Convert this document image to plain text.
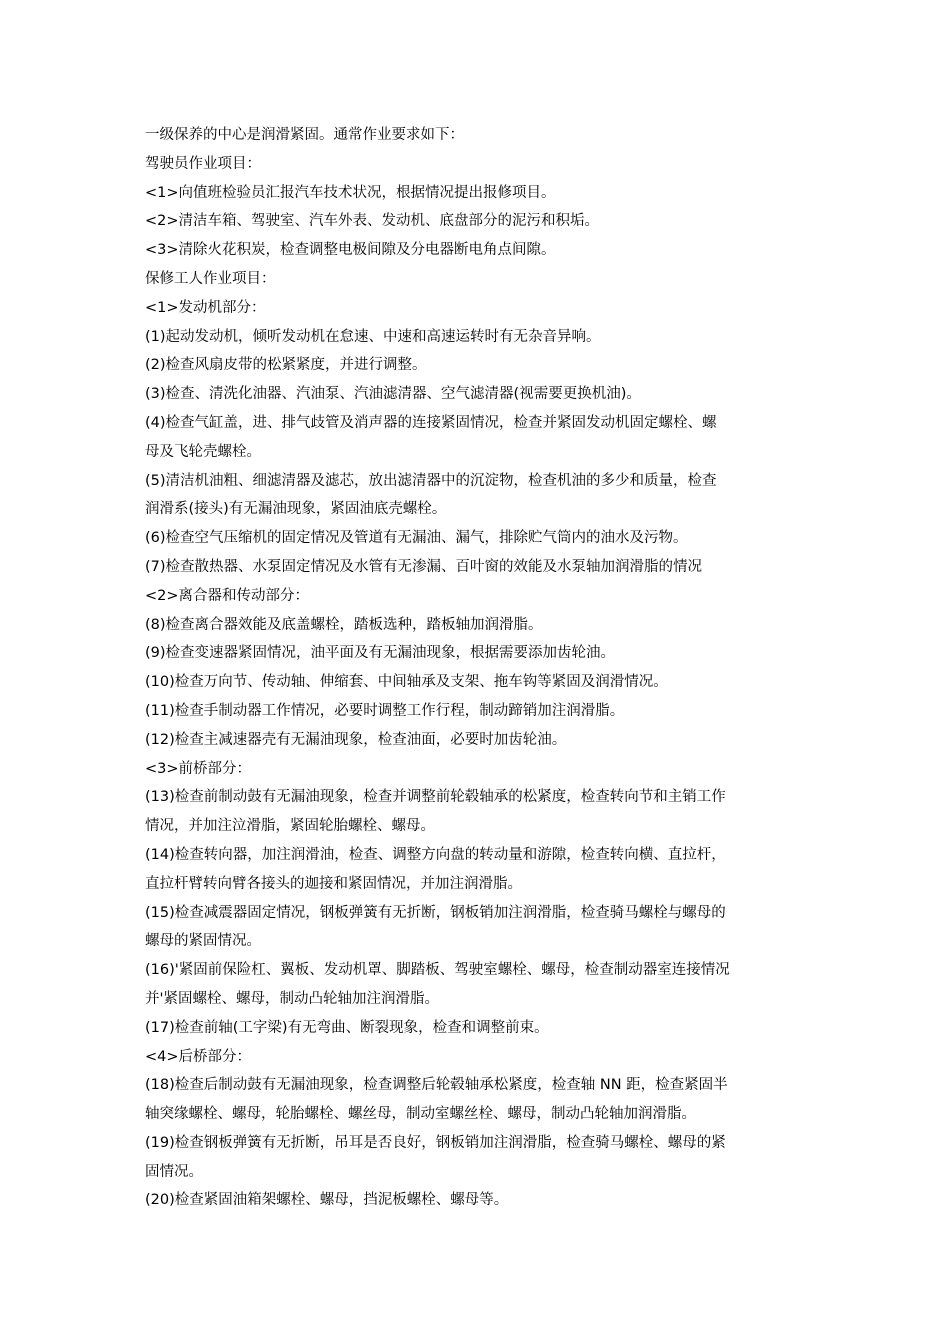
一级保养的中心是润滑紧固。通常作业要求如下：
驾驶员作业项目：
<1>向值班检验员汇报汽车技术状况，根据情况提出报修项目。
<2>清洁车箱、驾驶室、汽车外表、发动机、底盘部分的泥污和积垢。
<3>清除火花积炭，检查调整电极间隙及分电器断电角点间隙。
保修工人作业项目：
<1>发动机部分：
(1)起动发动机，倾听发动机在怠速、中速和高速运转时有无杂音异响。
(2)检查风扇皮带的松紧紧度，并进行调整。
(3)检查、清洗化油器、汽油泵、汽油滤清器、空气滤清器(视需要更换机油)。
(4)检查气缸盖，进、排气歧管及消声器的连接紧固情况，检查并紧固发动机固定螺栓、螺
母及飞轮壳螺栓。
(5)清洁机油粗、细滤清器及滤芯，放出滤清器中的沉淀物，检查机油的多少和质量，检查
润滑系(接头)有无漏油现象，紧固油底壳螺栓。
(6)检查空气压缩机的固定情况及管道有无漏油、漏气，排除贮气筒内的油水及污物。
(7)检查散热器、水泵固定情况及水管有无渗漏、百叶窗的效能及水泵轴加润滑脂的情况
<2>离合器和传动部分：
(8)检查离合器效能及底盖螺栓，踏板选种，踏板轴加润滑脂。
(9)检查变速器紧固情况，油平面及有无漏油现象，根据需要添加齿轮油。
(10)检查万向节、传动轴、伸缩套、中间轴承及支架、拖车钩等紧固及润滑情况。
(11)检查手制动器工作情况，必要时调整工作行程，制动蹄销加注润滑脂。
(12)检查主减速器壳有无漏油现象，检查油面，必要时加齿轮油。
<3>前桥部分：
(13)检查前制动鼓有无漏油现象，检查并调整前轮毂轴承的松紧度，检查转向节和主销工作
情况，并加注泣滑脂，紧固轮胎螺栓、螺母。
(14)检查转向器，加注润滑油，检查、调整方向盘的转动量和游隙，检查转向横、直拉杆，
直拉杆臂转向臂各接头的迦接和紧固情况，并加注润滑脂。
(15)检查减震器固定情况，钢板弹簧有无折断，钢板销加注润滑脂，检查骑马螺栓与螺母的
螺母的紧固情况。
(16)'紧固前保险杠、翼板、发动机罩、脚踏板、驾驶室螺栓、螺母，检查制动器室连接情况
并'紧固螺栓、螺母，制动凸轮轴加注润滑脂。
(17)检查前轴(工字梁)有无弯曲、断裂现象，检查和调整前束。
<4>后桥部分：
(18)检查后制动鼓有无漏油现象，检查调整后轮毂轴承松紧度，检查轴 NN 距，检查紧固半
轴突缘螺栓、螺母，轮胎螺栓、螺丝母，制动室螺丝栓、螺母，制动凸轮轴加润滑脂。
(19)检查钢板弹簧有无折断，吊耳是否良好，钢板销加注润滑脂，检查骑马螺栓、螺母的紧
固情况。
(20)检查紧固油箱架螺栓、螺母，挡泥板螺栓、螺母等。
